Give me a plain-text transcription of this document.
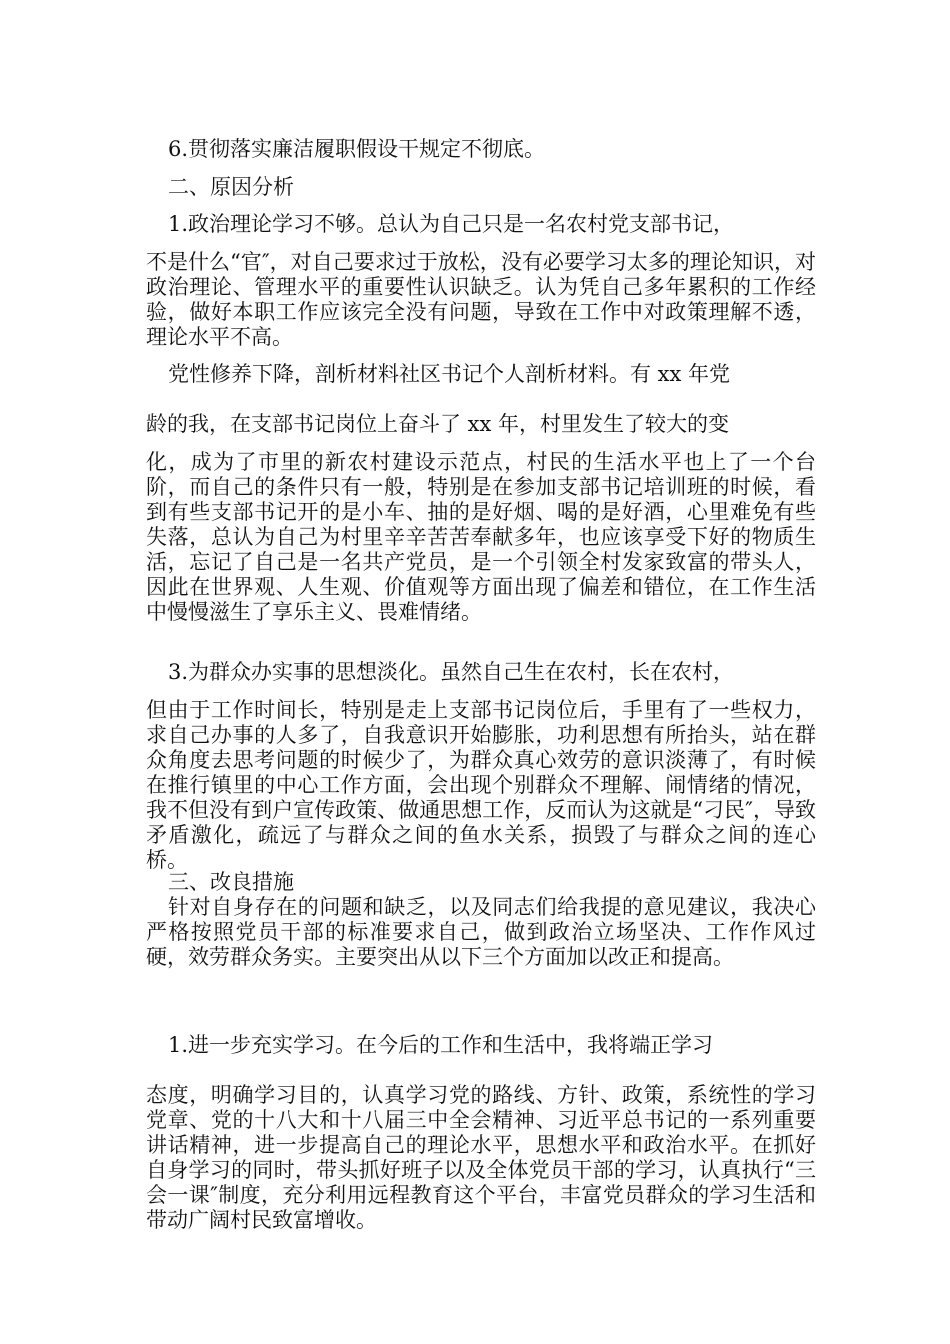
6.贯彻落实廉洁履职假设干规定不彻底。
二、原因分析
1.政治理论学习不够。总认为自己只是一名农村党支部书记，

不是什么“官″，对自己要求过于放松，没有必要学习太多的理论知识，对政治理论、管理水平的重要性认识缺乏。认为凭自己多年累积的工作经验，做好本职工作应该完全没有问题，导致在工作中对政策理解不透，理论水平不高。

党性修养下降，剖析材料社区书记个人剖析材料。有 xx 年党
龄的我，在支部书记岗位上奋斗了 xx 年，村里发生了较大的变

化，成为了市里的新农村建设示范点，村民的生活水平也上了一个台阶，而自己的条件只有一般，特别是在参加支部书记培训班的时候，看到有些支部书记开的是小车、抽的是好烟、喝的是好酒，心里难免有些失落，总认为自己为村里辛辛苦苦奉献多年，也应该享受下好的物质生活，忘记了自己是一名共产党员，是一个引领全村发家致富的带头人，因此在世界观、人生观、价值观等方面出现了偏差和错位，在工作生活中慢慢滋生了享乐主义、畏难情绪。

3.为群众办实事的思想淡化。虽然自己生在农村，长在农村，

但由于工作时间长，特别是走上支部书记岗位后，手里有了一些权力，求自己办事的人多了，自我意识开始膨胀，功利思想有所抬头，站在群众角度去思考问题的时候少了，为群众真心效劳的意识淡薄了，有时候在推行镇里的中心工作方面，会出现个别群众不理解、闹情绪的情况，我不但没有到户宣传政策、做通思想工作，反而认为这就是“刁民″，导致矛盾激化，疏远了与群众之间的鱼水关系，损毁了与群众之间的连心桥。

三、改良措施

针对自身存在的问题和缺乏，以及同志们给我提的意见建议，我决心严格按照党员干部的标准要求自己，做到政治立场坚决、工作作风过硬，效劳群众务实。主要突出从以下三个方面加以改正和提高。

1.进一步充实学习。在今后的工作和生活中，我将端正学习

态度，明确学习目的，认真学习党的路线、方针、政策，系统性的学习党章、党的十八大和十八届三中全会精神、习近平总书记的一系列重要讲话精神，进一步提高自己的理论水平，思想水平和政治水平。在抓好自身学习的同时，带头抓好班子以及全体党员干部的学习，认真执行“三会一课″制度，充分利用远程教育这个平台，丰富党员群众的学习生活和带动广阔村民致富增收。
